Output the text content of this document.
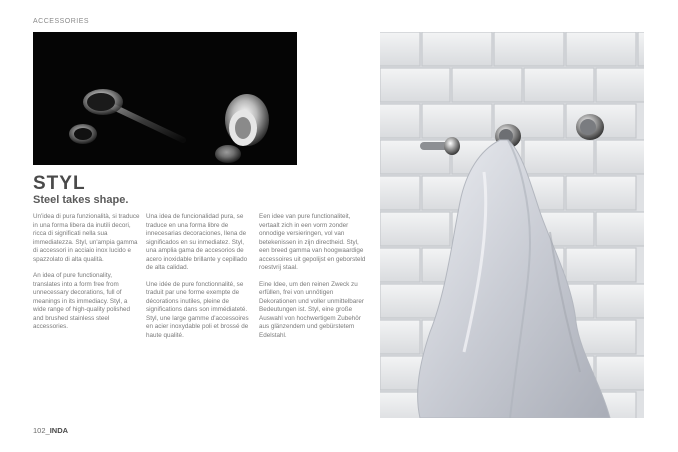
ACCESSORIES
STYL
Steel takes shape.

Un'idea di pura funzionalità, si traduce in una forma libera da inutili decori, ricca di significati nella sua immediatezza. Styl, un'ampia gamma di accessori in acciaio inox lucido e spazzolato di alta qualità.

An idea of pure functionality, translates into a form free from unnecessary decorations, full of meanings in its immediacy. Styl, a wide range of high-quality polished and brushed stainless steel accessories.

Una idea de funcionalidad pura, se traduce en una forma libre de innecesarias decoraciones, llena de significados en su inmediatez. Styl, una amplia gama de accesorios de acero inoxidable brillante y cepillado de alta calidad.

Une idée de pure fonctionnalité, se traduit par une forme exempte de décorations inutiles, pleine de significations dans son immédiateté. Styl, une large gamme d'accessoires en acier inoxydable poli et brossé de haute qualité.

Een idee van pure functionaliteit, vertaalt zich in een vorm zonder onnodige versieringen, vol van betekenissen in zijn directheid. Styl, een breed gamma van hoogwaardige accessoires uit gepolijst en geborsteld roestvrij staal.

Eine Idee, um den reinen Zweck zu erfüllen, frei von unnötigen Dekorationen und voller unmittelbarer Bedeutungen ist. Styl, eine große Auswahl von hochwertigem Zubehör aus glänzendem und gebürstetem Edelstahl.

102_INDA
